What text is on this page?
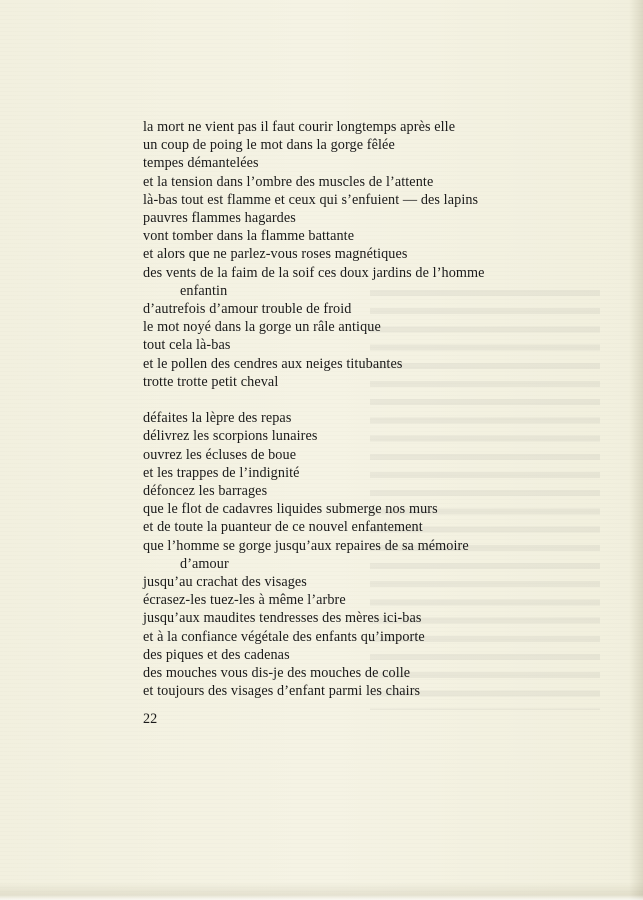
la mort ne vient pas il faut courir longtemps après elle
un coup de poing le mot dans la gorge fêlée
tempes démantelées
et la tension dans l’ombre des muscles de l’attente
là-bas tout est flamme et ceux qui s’enfuient — des lapins
pauvres flammes hagardes
vont tomber dans la flamme battante
et alors que ne parlez-vous roses magnétiques
des vents de la faim de la soif ces doux jardins de l’homme
enfantin
d’autrefois d’amour trouble de froid
le mot noyé dans la gorge un râle antique
tout cela là-bas
et le pollen des cendres aux neiges titubantes
trotte trotte petit cheval
défaites la lèpre des repas
délivrez les scorpions lunaires
ouvrez les écluses de boue
et les trappes de l’indignité
défoncez les barrages
que le flot de cadavres liquides submerge nos murs
et de toute la puanteur de ce nouvel enfantement
que l’homme se gorge jusqu’aux repaires de sa mémoire
d’amour
jusqu’au crachat des visages
écrasez-les tuez-les à même l’arbre
jusqu’aux maudites tendresses des mères ici-bas
et à la confiance végétale des enfants qu’importe
des piques et des cadenas
des mouches vous dis-je des mouches de colle
et toujours des visages d’enfant parmi les chairs
22
